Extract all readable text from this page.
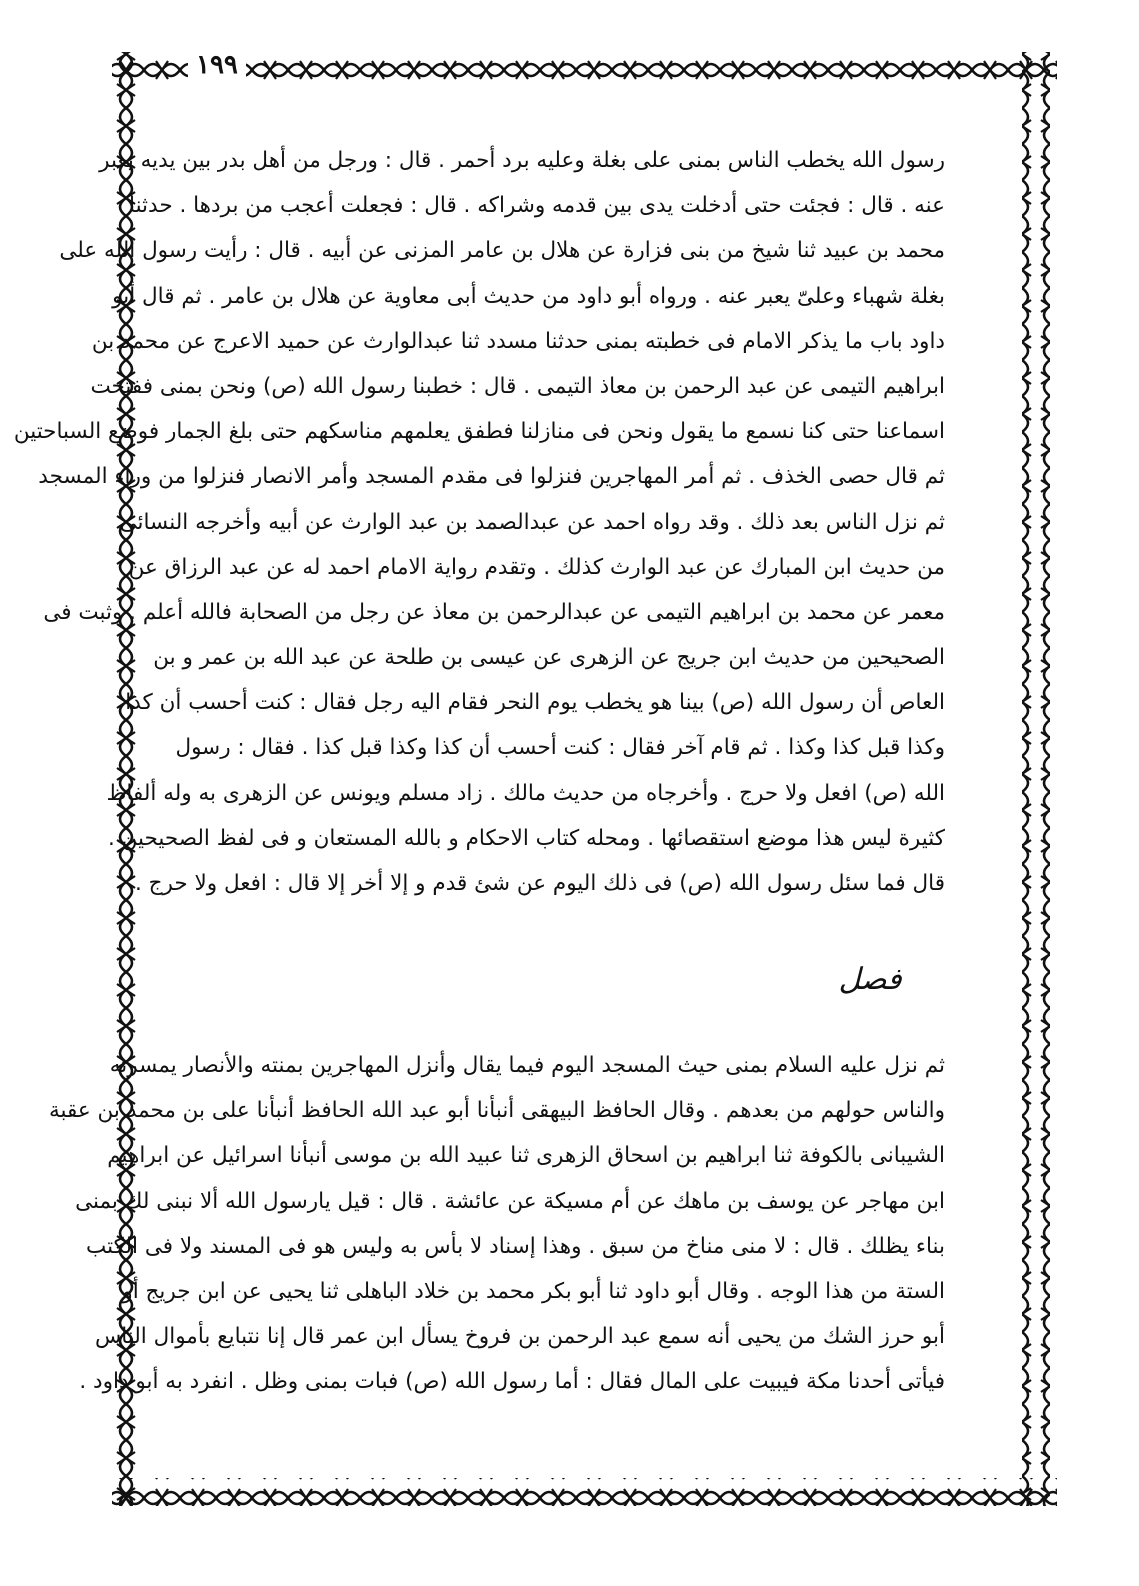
١٩٩
رسول الله يخطب الناس بمنى على بغلة وعليه برد أحمر . قال : ورجل من أهل بدر بين يديه يعبر
عنه . قال : فجئت حتى أدخلت يدى بين قدمه وشراكه . قال : فجعلت أعجب من بردها . حدثنا
محمد بن عبيد ثنا شيخ من بنى فزارة عن هلال بن عامر المزنى عن أبيه . قال : رأيت رسول الله على
بغلة شهباء وعلىّ يعبر عنه . ورواه أبو داود من حديث أبى معاوية عن هلال بن عامر . ثم قال أبو
داود باب ما يذكر الامام فى خطبته بمنى حدثنا مسدد ثنا عبدالوارث عن حميد الاعرج عن محمد بن
ابراهيم التيمى عن عبد الرحمن بن معاذ التيمى . قال : خطبنا رسول الله (ص) ونحن بمنى ففتحت
اسماعنا حتى كنا نسمع ما يقول ونحن فى منازلنا فطفق يعلمهم مناسكهم حتى بلغ الجمار فوضع السباحتين
ثم قال حصى الخذف . ثم أمر المهاجرين فنزلوا فى مقدم المسجد وأمر الانصار فنزلوا من وراء المسجد
ثم نزل الناس بعد ذلك . وقد رواه احمد عن عبدالصمد بن عبد الوارث عن أبيه وأخرجه النسائى
من حديث ابن المبارك عن عبد الوارث كذلك . وتقدم رواية الامام احمد له عن عبد الرزاق عن
معمر عن محمد بن ابراهيم التيمى عن عبدالرحمن بن معاذ عن رجل من الصحابة فالله أعلم . وثبت فى
الصحيحين من حديث ابن جريج عن الزهرى عن عيسى بن طلحة عن عبد الله بن عمر و بن
العاص أن رسول الله (ص) بينا هو يخطب يوم النحر فقام اليه رجل فقال : كنت أحسب أن كذا
وكذا قبل كذا وكذا . ثم قام آخر فقال : كنت أحسب أن كذا وكذا قبل كذا . فقال : رسول
الله (ص) افعل ولا حرج . وأخرجاه من حديث مالك . زاد مسلم ويونس عن الزهرى به وله ألفاظ
كثيرة ليس هذا موضع استقصائها . ومحله كتاب الاحكام و بالله المستعان و فى لفظ الصحيحين .
قال فما سئل رسول الله (ص) فى ذلك اليوم عن شئ قدم و إلا أخر إلا قال : افعل ولا حرج .
فصل
ثم نزل عليه السلام بمنى حيث المسجد اليوم فيما يقال وأنزل المهاجرين بمنته والأنصار يمسرته
والناس حولهم من بعدهم . وقال الحافظ البيهقى أنبأنا أبو عبد الله الحافظ أنبأنا على بن محمد بن عقبة
الشيبانى بالكوفة ثنا ابراهيم بن اسحاق الزهرى ثنا عبيد الله بن موسى أنبأنا اسرائيل عن ابراهيم
ابن مهاجر عن يوسف بن ماهك عن أم مسيكة عن عائشة . قال : قيل يارسول الله ألا نبنى لك بمنى
بناء يظلك . قال : لا منى مناخ من سبق . وهذا إسناد لا بأس به وليس هو فى المسند ولا فى الكتب
الستة من هذا الوجه . وقال أبو داود ثنا أبو بكر محمد بن خلاد الباهلى ثنا يحيى عن ابن جريج أو
أبو حرز الشك من يحيى أنه سمع عبد الرحمن بن فروخ يسأل ابن عمر قال إنا نتبايع بأموال الناس
فيأتى أحدنا مكة فيبيت على المال فقال : أما رسول الله (ص) فبات بمنى وظل . انفرد به أبو داود .
